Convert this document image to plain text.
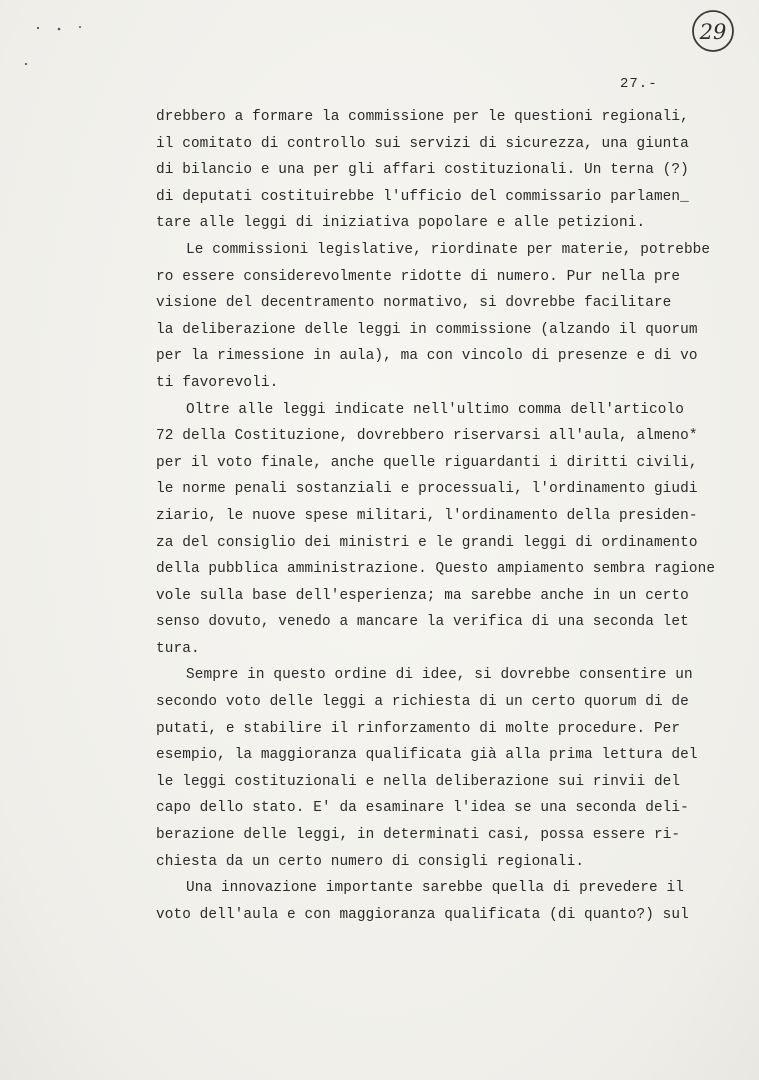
29
27.-
drebbero a formare la commissione per le questioni regionali,
il comitato di controllo sui servizi di sicurezza, una giunta
di bilancio e una per gli affari costituzionali. Un terna (?)
di deputati costituirebbe l'ufficio del commissario parlamen_
tare alle leggi di iniziativa popolare e alle petizioni.
Le commissioni legislative, riordinate per materie, potrebbe
ro essere considerevolmente ridotte di numero. Pur nella pre
visione del decentramento normativo, si dovrebbe facilitare
la deliberazione delle leggi in commissione (alzando il quorum
per la rimessione in aula), ma con vincolo di presenze e di vo
ti favorevoli.
Oltre alle leggi indicate nell'ultimo comma dell'articolo
72 della Costituzione, dovrebbero riservarsi all'aula, almeno*
per il voto finale, anche quelle riguardanti i diritti civili,
le norme penali sostanziali e processuali, l'ordinamento giudi
ziario, le nuove spese militari, l'ordinamento della presiden-
za del consiglio dei ministri e le grandi leggi di ordinamento
della pubblica amministrazione. Questo ampiamento sembra ragione
vole sulla base dell'esperienza; ma sarebbe anche in un certo
senso dovuto, venedo a mancare la verifica di una seconda let
tura.
Sempre in questo ordine di idee, si dovrebbe consentire un
secondo voto delle leggi a richiesta di un certo quorum di de
putati, e stabilire il rinforzamento di molte procedure. Per
esempio, la maggioranza qualificata già alla prima lettura del
le leggi costituzionali e nella deliberazione sui rinvii del
capo dello stato. E' da esaminare l'idea se una seconda deli-
berazione delle leggi, in determinati casi, possa essere ri-
chiesta da un certo numero di consigli regionali.
Una innovazione importante sarebbe quella di prevedere il
voto dell'aula e con maggioranza qualificata (di quanto?) sul
